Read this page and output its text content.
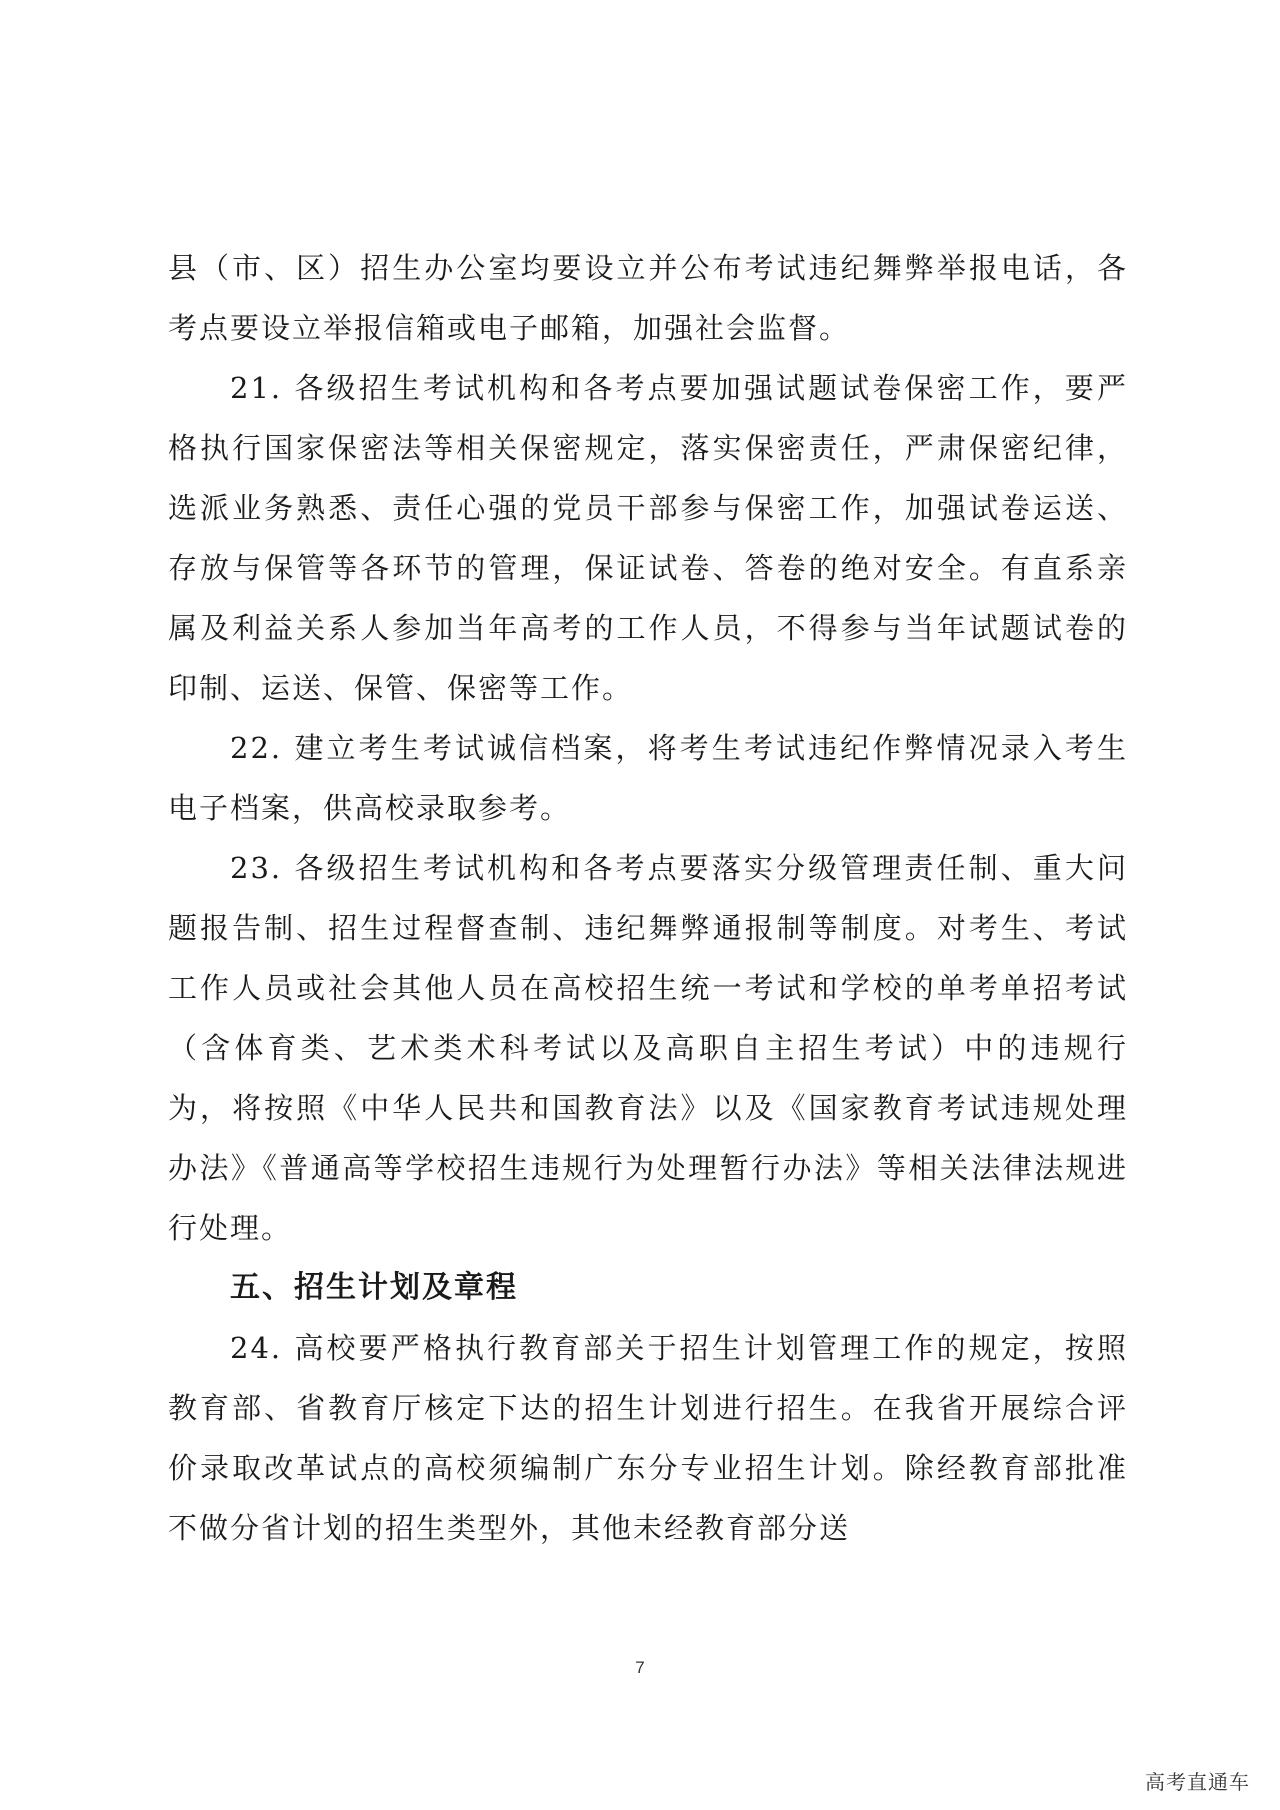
县（市、区）招生办公室均要设立并公布考试违纪舞弊举报电话，各考点要设立举报信箱或电子邮箱，加强社会监督。

21. 各级招生考试机构和各考点要加强试题试卷保密工作，要严格执行国家保密法等相关保密规定，落实保密责任，严肃保密纪律，选派业务熟悉、责任心强的党员干部参与保密工作，加强试卷运送、存放与保管等各环节的管理，保证试卷、答卷的绝对安全。有直系亲属及利益关系人参加当年高考的工作人员，不得参与当年试题试卷的印制、运送、保管、保密等工作。

22. 建立考生考试诚信档案，将考生考试违纪作弊情况录入考生电子档案，供高校录取参考。

23. 各级招生考试机构和各考点要落实分级管理责任制、重大问题报告制、招生过程督查制、违纪舞弊通报制等制度。对考生、考试工作人员或社会其他人员在高校招生统一考试和学校的单考单招考试（含体育类、艺术类术科考试以及高职自主招生考试）中的违规行为，将按照《中华人民共和国教育法》以及《国家教育考试违规处理办法》《普通高等学校招生违规行为处理暂行办法》等相关法律法规进行处理。

五、招生计划及章程

24. 高校要严格执行教育部关于招生计划管理工作的规定，按照教育部、省教育厅核定下达的招生计划进行招生。在我省开展综合评价录取改革试点的高校须编制广东分专业招生计划。除经教育部批准不做分省计划的招生类型外，其他未经教育部分送

7
高考直通车
